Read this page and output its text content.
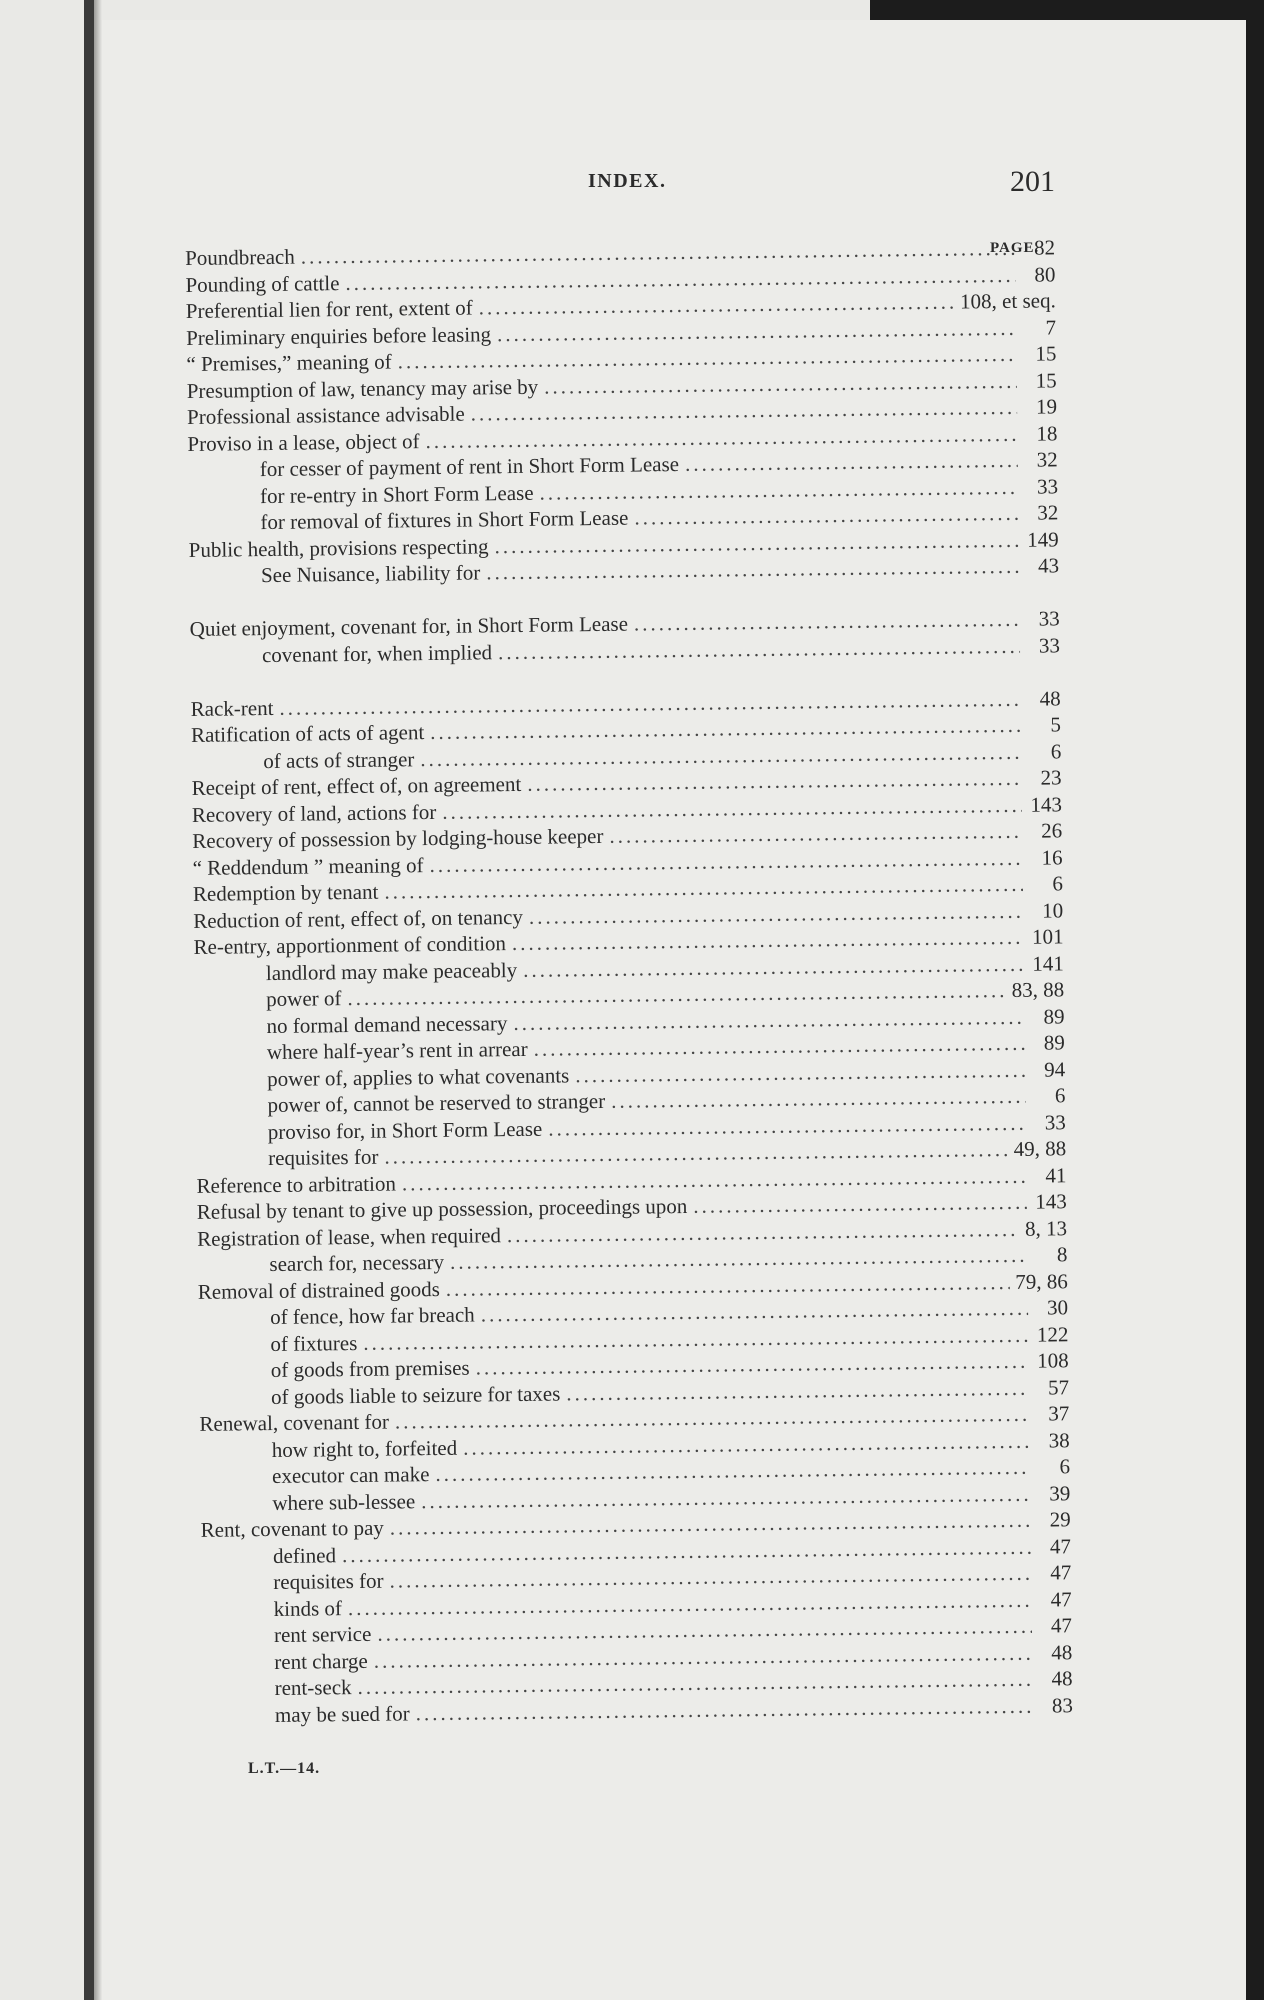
INDEX.	201
PAGE.
Poundbreach .....	82
Pounding of cattle .....	80
Preferential lien for rent, extent of .....	108, et seq.
Preliminary enquiries before leasing .....	7
“ Premises,” meaning of .....	15
Presumption of law, tenancy may arise by .....	15
Professional assistance advisable .....	19
Proviso in a lease, object of .....	18
for cesser of payment of rent in Short Form Lease .....	32
for re-entry in Short Form Lease .....	33
for removal of fixtures in Short Form Lease .....	32
Public health, provisions respecting .....	149
See Nuisance, liability for .....	43
Quiet enjoyment, covenant for, in Short Form Lease .....	33
covenant for, when implied .....	33
Rack-rent .....	48
Ratification of acts of agent .....	5
of acts of stranger .....	6
Receipt of rent, effect of, on agreement .....	23
Recovery of land, actions for .....	143
Recovery of possession by lodging-house keeper .....	26
“ Reddendum ” meaning of .....	16
Redemption by tenant .....	6
Reduction of rent, effect of, on tenancy .....	10
Re-entry, apportionment of condition .....	101
landlord may make peaceably .....	141
power of .....	83, 88
no formal demand necessary .....	89
where half-year’s rent in arrear .....	89
power of, applies to what covenants .....	94
power of, cannot be reserved to stranger .....	6
proviso for, in Short Form Lease .....	33
requisites for .....	49, 88
Reference to arbitration .....	41
Refusal by tenant to give up possession, proceedings upon .....	143
Registration of lease, when required .....	8, 13
search for, necessary .....	8
Removal of distrained goods .....	79, 86
of fence, how far breach .....	30
of fixtures .....	122
of goods from premises .....	108
of goods liable to seizure for taxes .....	57
Renewal, covenant for .....	37
how right to, forfeited .....	38
executor can make .....	6
where sub-lessee .....	39
Rent, covenant to pay .....	29
defined .....	47
requisites for .....	47
kinds of .....	47
rent service .....	47
rent charge .....	48
rent-seck .....	48
may be sued for .....	83
L.T.—14.
